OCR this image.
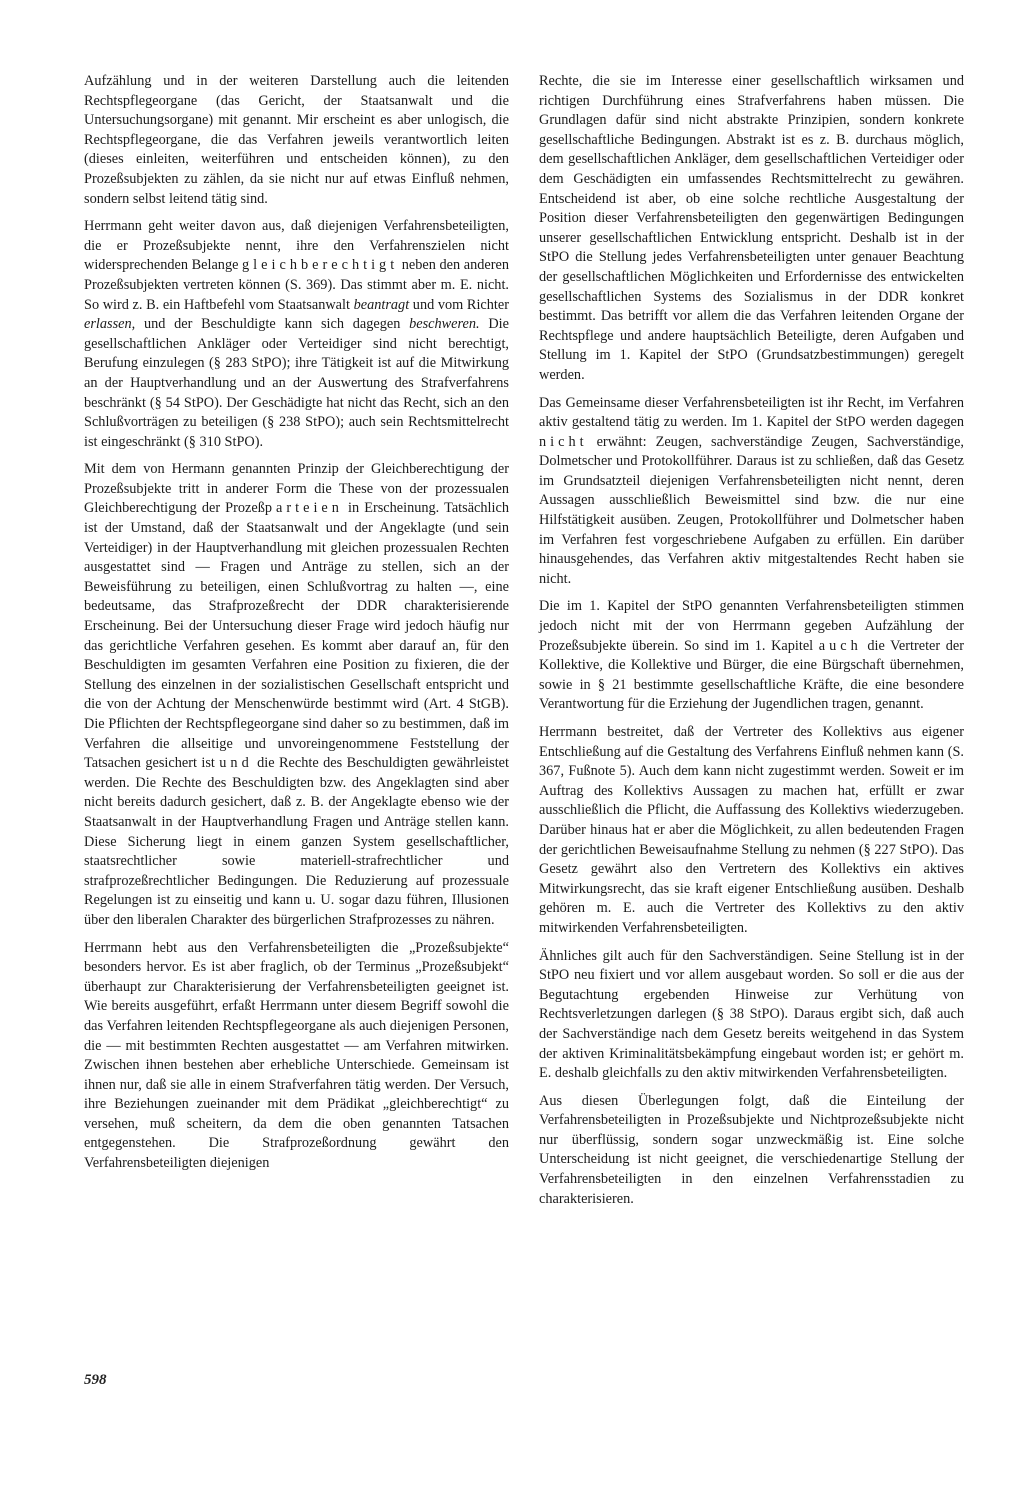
Aufzählung und in der weiteren Darstellung auch die leitenden Rechtspflegeorgane (das Gericht, der Staatsanwalt und die Untersuchungsorgane) mit genannt. Mir erscheint es aber unlogisch, die Rechtspflegeorgane, die das Verfahren jeweils verantwortlich leiten (dieses einleiten, weiterführen und entscheiden können), zu den Prozeßsubjekten zu zählen, da sie nicht nur auf etwas Einfluß nehmen, sondern selbst leitend tätig sind.

Herrmann geht weiter davon aus, daß diejenigen Verfahrensbeteiligten, die er Prozeßsubjekte nennt, ihre den Verfahrenszielen nicht widersprechenden Belange gleichberechtigt neben den anderen Prozeßsubjekten vertreten können (S. 369). Das stimmt aber m. E. nicht. So wird z. B. ein Haftbefehl vom Staatsanwalt beantragt und vom Richter erlassen, und der Beschuldigte kann sich dagegen beschweren. Die gesellschaftlichen Ankläger oder Verteidiger sind nicht berechtigt, Berufung einzulegen (§ 283 StPO); ihre Tätigkeit ist auf die Mitwirkung an der Hauptverhandlung und an der Auswertung des Strafverfahrens beschränkt (§ 54 StPO). Der Geschädigte hat nicht das Recht, sich an den Schlußvorträgen zu beteiligen (§ 238 StPO); auch sein Rechtsmittelrecht ist eingeschränkt (§ 310 StPO).

Mit dem von Hermann genannten Prinzip der Gleichberechtigung der Prozeßsubjekte tritt in anderer Form die These von der prozessualen Gleichberechtigung der Prozeßparteien in Erscheinung. Tatsächlich ist der Umstand, daß der Staatsanwalt und der Angeklagte (und sein Verteidiger) in der Hauptverhandlung mit gleichen prozessualen Rechten ausgestattet sind — Fragen und Anträge zu stellen, sich an der Beweisführung zu beteiligen, einen Schlußvortrag zu halten —, eine bedeutsame, das Strafprozeßrecht der DDR charakterisierende Erscheinung. Bei der Untersuchung dieser Frage wird jedoch häufig nur das gerichtliche Verfahren gesehen. Es kommt aber darauf an, für den Beschuldigten im gesamten Verfahren eine Position zu fixieren, die der Stellung des einzelnen in der sozialistischen Gesellschaft entspricht und die von der Achtung der Menschenwürde bestimmt wird (Art. 4 StGB). Die Pflichten der Rechtspflegeorgane sind daher so zu bestimmen, daß im Verfahren die allseitige und unvoreingenommene Feststellung der Tatsachen gesichert ist und die Rechte des Beschuldigten gewährleistet werden. Die Rechte des Beschuldigten bzw. des Angeklagten sind aber nicht bereits dadurch gesichert, daß z. B. der Angeklagte ebenso wie der Staatsanwalt in der Hauptverhandlung Fragen und Anträge stellen kann. Diese Sicherung liegt in einem ganzen System gesellschaftlicher, staatsrechtlicher sowie materiell-strafrechtlicher und strafprozeßrechtlicher Bedingungen. Die Reduzierung auf prozessuale Regelungen ist zu einseitig und kann u. U. sogar dazu führen, Illusionen über den liberalen Charakter des bürgerlichen Strafprozesses zu nähren.

Herrmann hebt aus den Verfahrensbeteiligten die „Prozeßsubjekte“ besonders hervor. Es ist aber fraglich, ob der Terminus „Prozeßsubjekt“ überhaupt zur Charakterisierung der Verfahrensbeteiligten geeignet ist. Wie bereits ausgeführt, erfaßt Herrmann unter diesem Begriff sowohl die das Verfahren leitenden Rechtspflegeorgane als auch diejenigen Personen, die — mit bestimmten Rechten ausgestattet — am Verfahren mitwirken. Zwischen ihnen bestehen aber erhebliche Unterschiede. Gemeinsam ist ihnen nur, daß sie alle in einem Strafverfahren tätig werden. Der Versuch, ihre Beziehungen zueinander mit dem Prädikat „gleichberechtigt“ zu versehen, muß scheitern, da dem die oben genannten Tatsachen entgegenstehen. Die Strafprozeßordnung gewährt den Verfahrensbeteiligten diejenigen

Rechte, die sie im Interesse einer gesellschaftlich wirksamen und richtigen Durchführung eines Strafverfahrens haben müssen. Die Grundlagen dafür sind nicht abstrakte Prinzipien, sondern konkrete gesellschaftliche Bedingungen. Abstrakt ist es z. B. durchaus möglich, dem gesellschaftlichen Ankläger, dem gesellschaftlichen Verteidiger oder dem Geschädigten ein umfassendes Rechtsmittelrecht zu gewähren. Entscheidend ist aber, ob eine solche rechtliche Ausgestaltung der Position dieser Verfahrensbeteiligten den gegenwärtigen Bedingungen unserer gesellschaftlichen Entwicklung entspricht. Deshalb ist in der StPO die Stellung jedes Verfahrensbeteiligten unter genauer Beachtung der gesellschaftlichen Möglichkeiten und Erfordernisse des entwickelten gesellschaftlichen Systems des Sozialismus in der DDR konkret bestimmt. Das betrifft vor allem die das Verfahren leitenden Organe der Rechtspflege und andere hauptsächlich Beteiligte, deren Aufgaben und Stellung im 1. Kapitel der StPO (Grundsatzbestimmungen) geregelt werden.

Das Gemeinsame dieser Verfahrensbeteiligten ist ihr Recht, im Verfahren aktiv gestaltend tätig zu werden. Im 1. Kapitel der StPO werden dagegen nicht erwähnt: Zeugen, sachverständige Zeugen, Sachverständige, Dolmetscher und Protokollführer. Daraus ist zu schließen, daß das Gesetz im Grundsatzteil diejenigen Verfahrensbeteiligten nicht nennt, deren Aussagen ausschließlich Beweismittel sind bzw. die nur eine Hilfstätigkeit ausüben. Zeugen, Protokollführer und Dolmetscher haben im Verfahren fest vorgeschriebene Aufgaben zu erfüllen. Ein darüber hinausgehendes, das Verfahren aktiv mitgestaltendes Recht haben sie nicht.

Die im 1. Kapitel der StPO genannten Verfahrensbeteiligten stimmen jedoch nicht mit der von Herrmann gegeben Aufzählung der Prozeßsubjekte überein. So sind im 1. Kapitel auch die Vertreter der Kollektive, die Kollektive und Bürger, die eine Bürgschaft übernehmen, sowie in § 21 bestimmte gesellschaftliche Kräfte, die eine besondere Verantwortung für die Erziehung der Jugendlichen tragen, genannt.

Herrmann bestreitet, daß der Vertreter des Kollektivs aus eigener Entschließung auf die Gestaltung des Verfahrens Einfluß nehmen kann (S. 367, Fußnote 5). Auch dem kann nicht zugestimmt werden. Soweit er im Auftrag des Kollektivs Aussagen zu machen hat, erfüllt er zwar ausschließlich die Pflicht, die Auffassung des Kollektivs wiederzugeben. Darüber hinaus hat er aber die Möglichkeit, zu allen bedeutenden Fragen der gerichtlichen Beweisaufnahme Stellung zu nehmen (§ 227 StPO). Das Gesetz gewährt also den Vertretern des Kollektivs ein aktives Mitwirkungsrecht, das sie kraft eigener Entschließung ausüben. Deshalb gehören m. E. auch die Vertreter des Kollektivs zu den aktiv mitwirkenden Verfahrensbeteiligten.

Ähnliches gilt auch für den Sachverständigen. Seine Stellung ist in der StPO neu fixiert und vor allem ausgebaut worden. So soll er die aus der Begutachtung ergebenden Hinweise zur Verhütung von Rechtsverletzungen darlegen (§ 38 StPO). Daraus ergibt sich, daß auch der Sachverständige nach dem Gesetz bereits weitgehend in das System der aktiven Kriminalitätsbekämpfung eingebaut worden ist; er gehört m. E. deshalb gleichfalls zu den aktiv mitwirkenden Verfahrensbeteiligten.

Aus diesen Überlegungen folgt, daß die Einteilung der Verfahrensbeteiligten in Prozeßsubjekte und Nichtprozeßsubjekte nicht nur überflüssig, sondern sogar unzweckmäßig ist. Eine solche Unterscheidung ist nicht geeignet, die verschiedenartige Stellung der Verfahrensbeteiligten in den einzelnen Verfahrensstadien zu charakterisieren.

598
